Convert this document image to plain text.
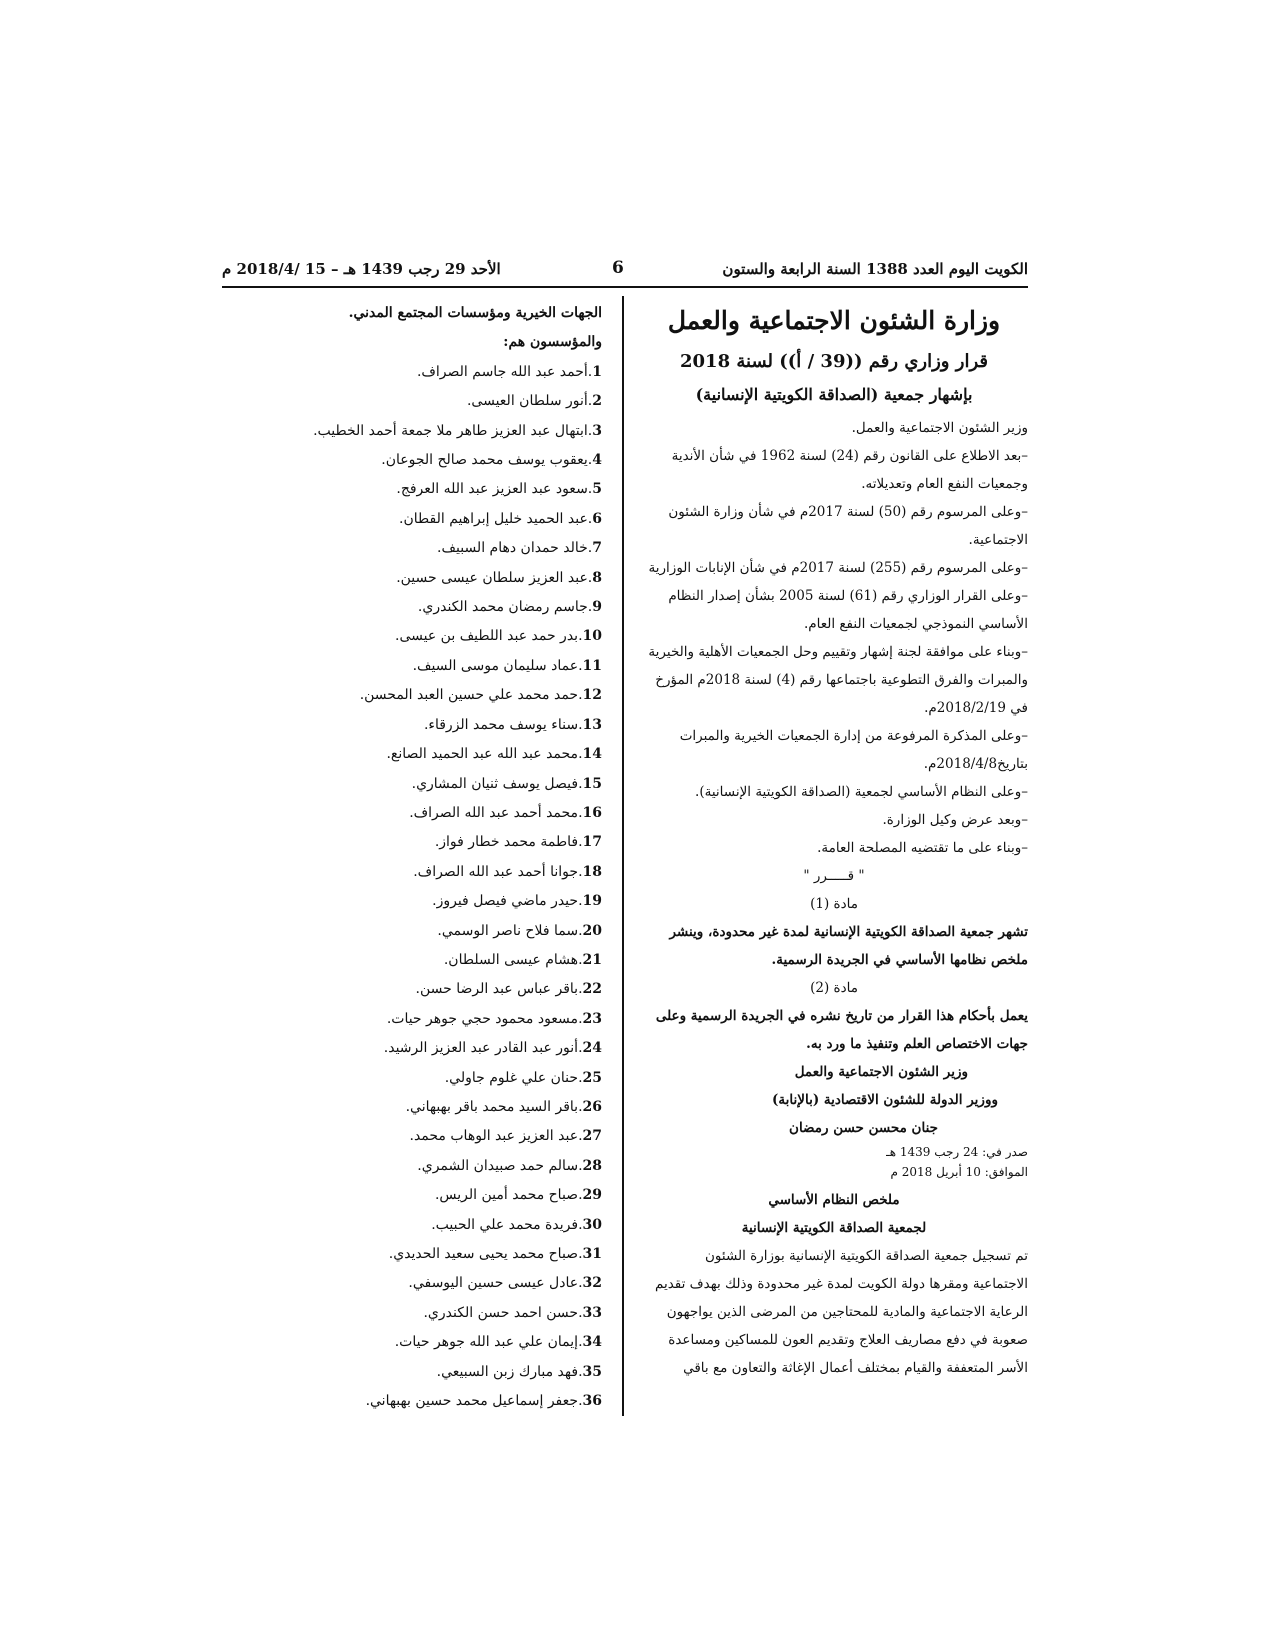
الكويت اليوم العدد 1388 السنة الرابعة والستون
6
الأحد 29 رجب 1439 هـ – 15 /2018/4 م
وزارة الشئون الاجتماعية والعمل
قرار وزاري رقم ((39 / أ)) لسنة 2018
بإشهار جمعية (الصداقة الكويتية الإنسانية)
وزير الشئون الاجتماعية والعمل.
–بعد الاطلاع على القانون رقم (24) لسنة 1962 في شأن الأندية
وجمعيات النفع العام وتعديلاته.
–وعلى المرسوم رقم (50) لسنة 2017م في شأن وزارة الشئون الاجتماعية.
–وعلى المرسوم رقم (255) لسنة 2017م في شأن الإنابات الوزارية
–وعلى القرار الوزاري رقم (61) لسنة 2005 بشأن إصدار النظام
الأساسي النموذجي لجمعيات النفع العام.
–وبناء على موافقة لجنة إشهار وتقييم وحل الجمعيات الأهلية والخيرية
والمبرات والفرق التطوعية باجتماعها رقم (4) لسنة 2018م المؤرخ
في 2018/2/19م.
–وعلى المذكرة المرفوعة من إدارة الجمعيات الخيرية والمبرات
بتاريخ2018/4/8م.
–وعلى النظام الأساسي لجمعية (الصداقة الكويتية الإنسانية).
–وبعد عرض وكيل الوزارة.
–وبناء على ما تقتضيه المصلحة العامة.
" قـــــرر "
مادة (1)
تشهر جمعية الصداقة الكويتية الإنسانية لمدة غير محدودة، وينشر
ملخص نظامها الأساسي في الجريدة الرسمية.
مادة (2)
يعمل بأحكام هذا القرار من تاريخ نشره في الجريدة الرسمية وعلى
جهات الاختصاص العلم وتنفيذ ما ورد به.
وزير الشئون الاجتماعية والعمل
ووزير الدولة للشئون الاقتصادية (بالإنابة)
جنان محسن حسن رمضان
صدر في: 24 رجب 1439 هـ
الموافق: 10 أبريل 2018 م
ملخص النظام الأساسي
لجمعية الصداقة الكويتية الإنسانية
تم تسجيل جمعية الصداقة الكويتية الإنسانية بوزارة الشئون
الاجتماعية ومقرها دولة الكويت لمدة غير محدودة وذلك بهدف تقديم
الرعاية الاجتماعية والمادية للمحتاجين من المرضى الذين يواجهون
صعوبة في دفع مصاريف العلاج وتقديم العون للمساكين ومساعدة
الأسر المتعففة والقيام بمختلف أعمال الإغاثة والتعاون مع باقي
الجهات الخيرية ومؤسسات المجتمع المدني.
والمؤسسون هم:
1.أحمد عبد الله جاسم الصراف.
2.أنور سلطان العيسى.
3.ابتهال عبد العزيز طاهر ملا جمعة أحمد الخطيب.
4.يعقوب يوسف محمد صالح الجوعان.
5.سعود عبد العزيز عبد الله العرفج.
6.عبد الحميد خليل إبراهيم القطان.
7.خالد حمدان دهام السبيف.
8.عبد العزيز سلطان عيسى حسين.
9.جاسم رمضان محمد الكندري.
10.بدر حمد عبد اللطيف بن عيسى.
11.عماد سليمان موسى السيف.
12.حمد محمد علي حسين العبد المحسن.
13.سناء يوسف محمد الزرقاء.
14.محمد عبد الله عبد الحميد الصانع.
15.فيصل يوسف ثنيان المشاري.
16.محمد أحمد عبد الله الصراف.
17.فاطمة محمد خطار فواز.
18.جوانا أحمد عبد الله الصراف.
19.حيدر ماضي فيصل فيروز.
20.سما فلاح ناصر الوسمي.
21.هشام عيسى السلطان.
22.باقر عباس عبد الرضا حسن.
23.مسعود محمود حجي جوهر حيات.
24.أنور عبد القادر عبد العزيز الرشيد.
25.حنان علي غلوم جاولي.
26.باقر السيد محمد باقر بهبهاني.
27.عبد العزيز عبد الوهاب محمد.
28.سالم حمد صبيدان الشمري.
29.صباح محمد أمين الريس.
30.فريدة محمد علي الحبيب.
31.صباح محمد يحيى سعيد الحديدي.
32.عادل عيسى حسين اليوسفي.
33.حسن احمد حسن الكندري.
34.إيمان علي عبد الله جوهر حيات.
35.فهد مبارك زبن السبيعي.
36.جعفر إسماعيل محمد حسين بهبهاني.
